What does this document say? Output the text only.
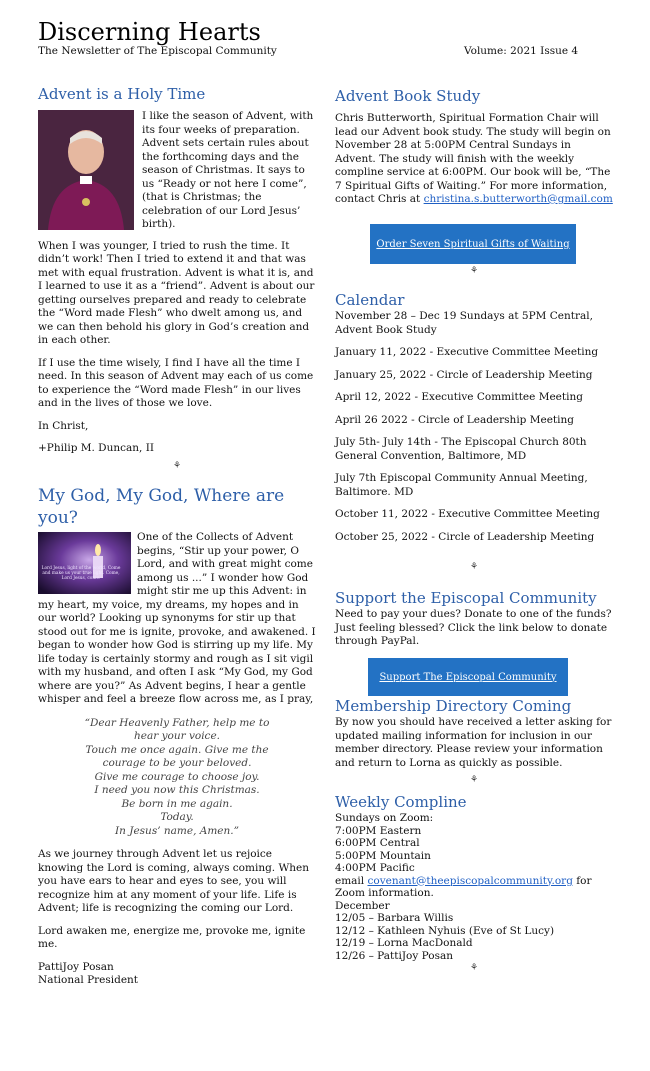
Discerning Hearts
The Newsletter of The Episcopal Community	Volume: 2021 Issue 4
Advent is a Holy Time

I like the season of Advent, with its four weeks of preparation. Advent sets certain rules about the forthcoming days and the season of Christmas. It says to us “Ready or not here I come”, (that is Christmas; the celebration of our Lord Jesus’ birth).

When I was younger, I tried to rush the time. It didn’t work! Then I tried to extend it and that was met with equal frustration. Advent is what it is, and I learned to use it as a “friend”. Advent is about our getting ourselves prepared and ready to celebrate the “Word made Flesh” who dwelt among us, and we can then behold his glory in God’s creation and in each other.

If I use the time wisely, I find I have all the time I need. In this season of Advent may each of us come to experience the “Word made Flesh” in our lives and in the lives of those we love.

In Christ,

+Philip M. Duncan, II

⚘
My God, My God, Where are you?
Lord Jesus, light of the world, Come and make us your true light. Come, Lord Jesus, come.

One of the Collects of Advent begins, “Stir up your power, O Lord, and with great might come among us ...” I wonder how God might stir me up this Advent: in

my heart, my voice, my dreams, my hopes and in our world? Looking up synonyms for stir up that stood out for me is ignite, provoke, and awakened. I began to wonder how God is stirring up my life. My life today is certainly stormy and rough as I sit vigil with my husband, and often I ask “My God, my God where are you?” As Advent begins, I hear a gentle whisper and feel a breeze flow across me, as I pray,

“Dear Heavenly Father, help me to
hear your voice.
Touch me once again. Give me the
courage to be your beloved.
Give me courage to choose joy.
I need you now this Christmas.
Be born in me again.
Today.
In Jesus’ name, Amen.”

As we journey through Advent let us rejoice knowing the Lord is coming, always coming. When you have ears to hear and eyes to see, you will recognize him at any moment of your life. Life is Advent; life is recognizing the coming our Lord.

Lord awaken me, energize me, provoke me, ignite me.

PattiJoy Posan
National President
Advent Book Study

Chris Butterworth, Spiritual Formation Chair will lead our Advent book study. The study will begin on November 28 at 5:00PM Central Sundays in Advent. The study will finish with the weekly compline service at 6:00PM. Our book will be, “The 7 Spiritual Gifts of Waiting.” For more information, contact Chris at christina.s.butterworth@gmail.com

Order Seven Spiritual Gifts of Waiting
⚘
Calendar

November 28 – Dec 19 Sundays at 5PM Central, Advent Book Study

January 11, 2022 - Executive Committee Meeting

January 25, 2022 - Circle of Leadership Meeting

April 12, 2022 - Executive Committee Meeting

April 26 2022 - Circle of Leadership Meeting

July 5th- July 14th - The Episcopal Church 80th General Convention, Baltimore, MD

July 7th Episcopal Community Annual Meeting, Baltimore. MD

October 11, 2022 - Executive Committee Meeting

October 25, 2022 - Circle of Leadership Meeting

⚘
Support the Episcopal Community

Need to pay your dues? Donate to one of the funds? Just feeling blessed? Click the link below to donate through PayPal.

Support The Episcopal Community
Membership Directory Coming

By now you should have received a letter asking for updated mailing information for inclusion in our member directory. Please review your information and return to Lorna as quickly as possible.

⚘
Weekly Compline
Sundays on Zoom:
7:00PM Eastern
6:00PM Central
5:00PM Mountain
4:00PM Pacific
email covenant@theepiscopalcommunity.org for Zoom information.
December
12/05 – Barbara Willis
12/12 – Kathleen Nyhuis (Eve of St Lucy)
12/19 – Lorna MacDonald
12/26 – PattiJoy Posan
⚘
